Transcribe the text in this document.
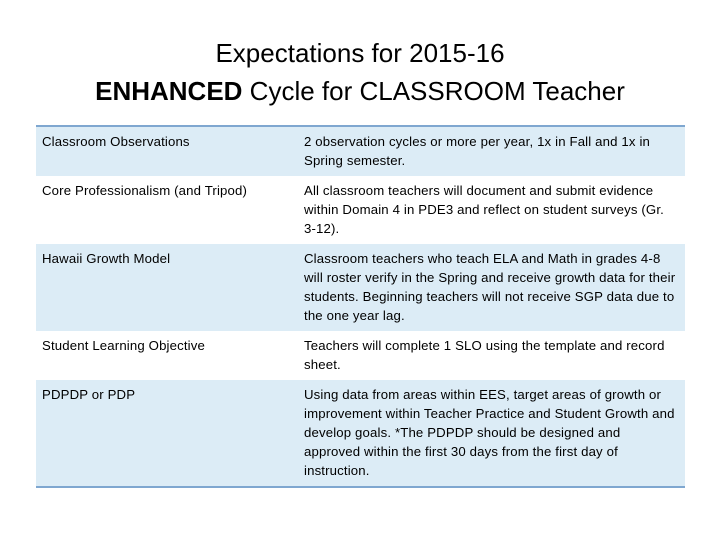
Expectations for 2015-16
ENHANCED Cycle for CLASSROOM Teacher
Classroom Observations	2 observation cycles or more per year, 1x in Fall and 1x in Spring semester.
Core Professionalism (and Tripod)	All classroom teachers will document and submit evidence within Domain 4 in PDE3 and reflect on student surveys (Gr. 3-12).
Hawaii Growth Model	Classroom teachers who teach ELA and Math in grades 4-8 will roster verify in the Spring and receive growth data for their students. Beginning teachers will not receive SGP data due to the one year lag.
Student Learning Objective	Teachers will complete 1 SLO using the template and record sheet.
PDPDP or PDP	Using data from areas within EES, target areas of growth or improvement within Teacher Practice and Student Growth and develop goals. *The PDPDP should be designed and approved within the first 30 days from the first day of instruction.
